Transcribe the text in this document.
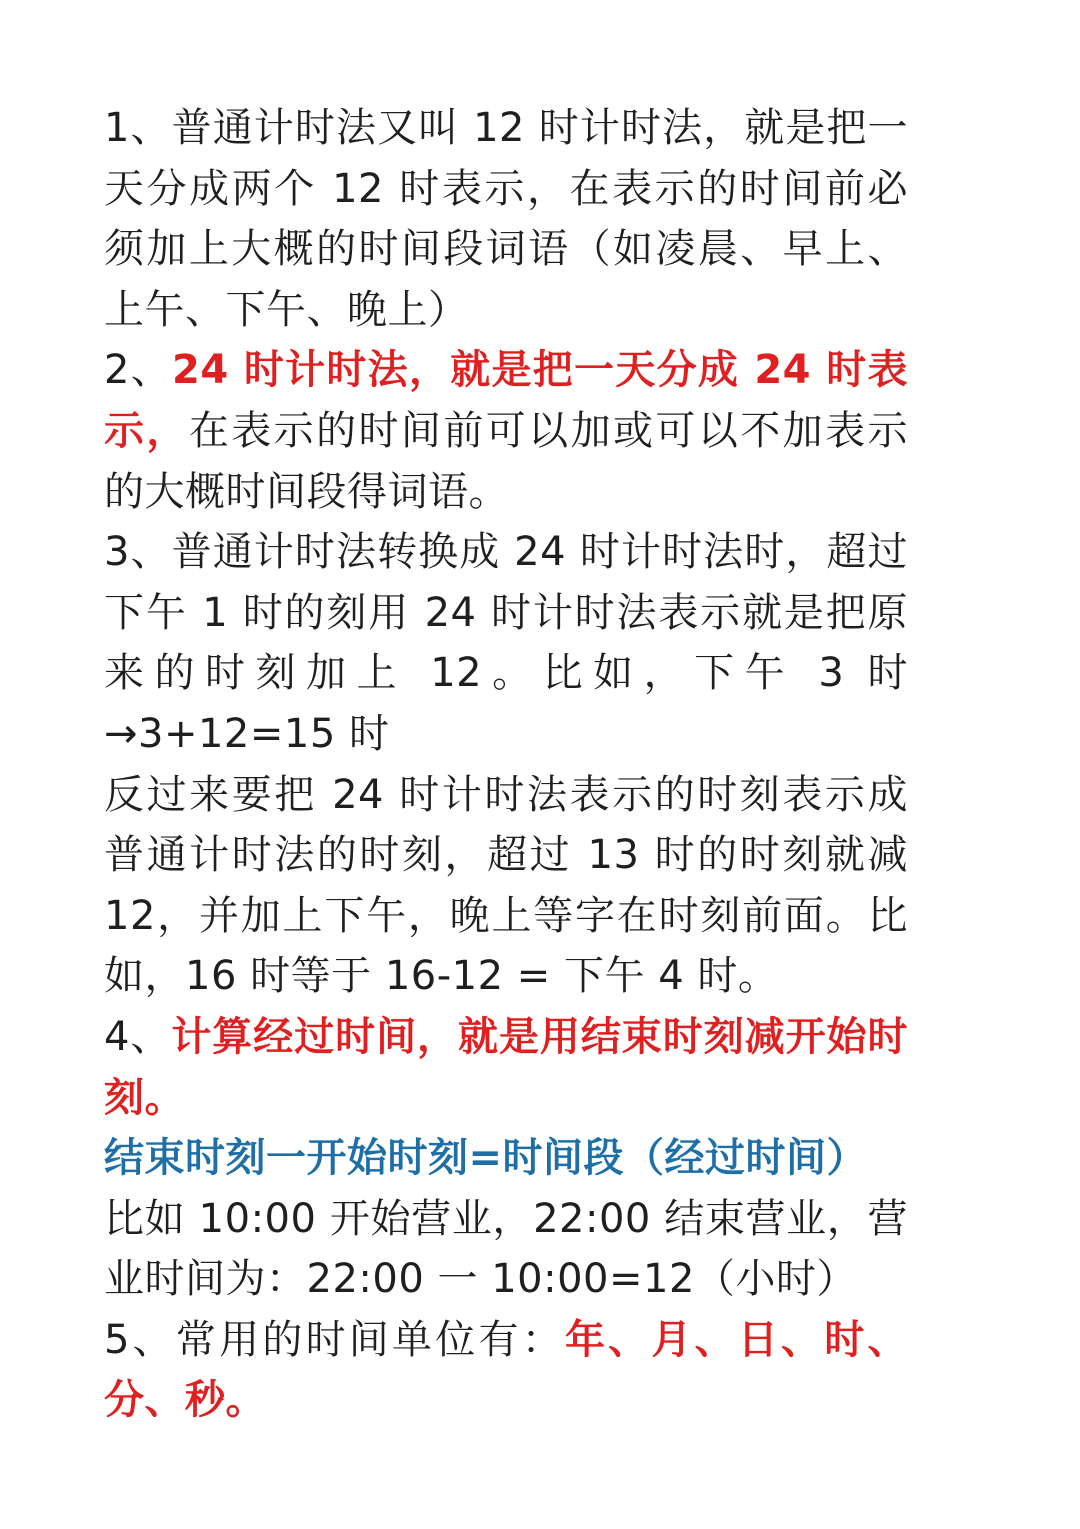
1、普通计时法又叫 12 时计时法，就是把一天分成两个 12 时表示，在表示的时间前必须加上大概的时间段词语（如凌晨、早上、上午、下午、晚上）

2、24 时计时法，就是把一天分成 24 时表示，在表示的时间前可以加或可以不加表示的大概时间段得词语。

3、普通计时法转换成 24 时计时法时，超过下午 1 时的刻用 24 时计时法表示就是把原来的时刻加上 12。比如，下午 3 时

→3+12=15 时

反过来要把 24 时计时法表示的时刻表示成普通计时法的时刻，超过 13 时的时刻就减 12，并加上下午，晚上等字在时刻前面。比如，16 时等于 16-12 = 下午 4 时。

4、计算经过时间，就是用结束时刻减开始时刻。

结束时刻一开始时刻=时间段（经过时间）

比如 10:00 开始营业，22:00 结束营业，营业时间为：22:00 一 10:00=12（小时）

5、常用的时间单位有：年、月、日、时、分、秒。
